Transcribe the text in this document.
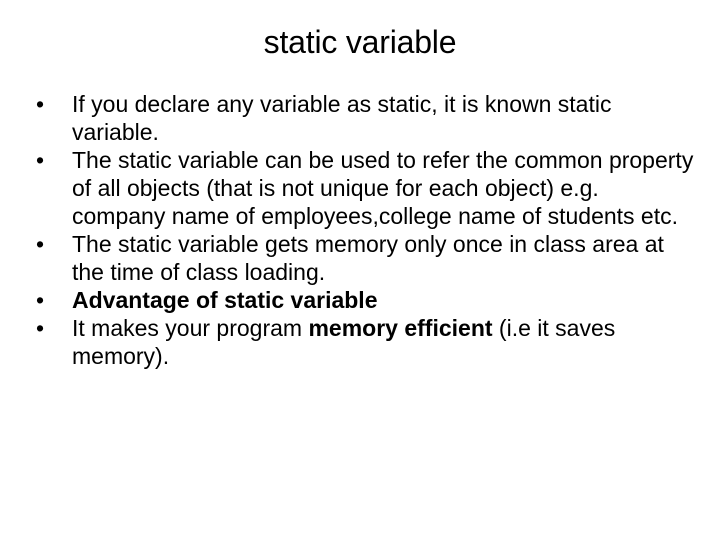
static variable
• If you declare any variable as static, it is known static variable.
• The static variable can be used to refer the common property of all objects (that is not unique for each object) e.g. company name of employees,college name of students etc.
• The static variable gets memory only once in class area at the time of class loading.
• Advantage of static variable
• It makes your program memory efficient (i.e it saves memory).
